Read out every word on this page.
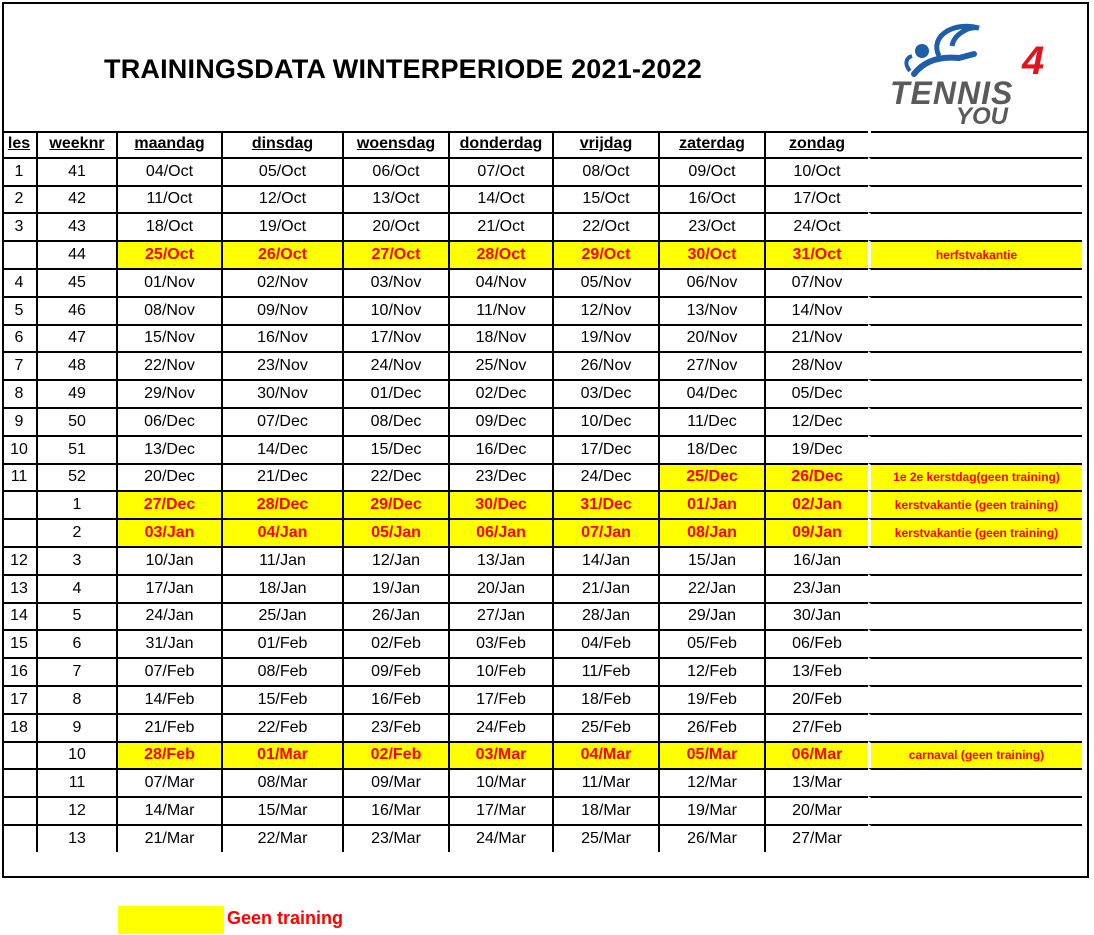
TRAININGSDATA WINTERPERIODE 2021-2022
TENNIS
4
YOU
les	weeknr	maandag	dinsdag	woensdag	donderdag	vrijdag	zaterdag	zondag	
1	41	04/Oct	05/Oct	06/Oct	07/Oct	08/Oct	09/Oct	10/Oct	
2	42	11/Oct	12/Oct	13/Oct	14/Oct	15/Oct	16/Oct	17/Oct	
3	43	18/Oct	19/Oct	20/Oct	21/Oct	22/Oct	23/Oct	24/Oct	
	44	25/Oct	26/Oct	27/Oct	28/Oct	29/Oct	30/Oct	31/Oct	herfstvakantie
4	45	01/Nov	02/Nov	03/Nov	04/Nov	05/Nov	06/Nov	07/Nov	
5	46	08/Nov	09/Nov	10/Nov	11/Nov	12/Nov	13/Nov	14/Nov	
6	47	15/Nov	16/Nov	17/Nov	18/Nov	19/Nov	20/Nov	21/Nov	
7	48	22/Nov	23/Nov	24/Nov	25/Nov	26/Nov	27/Nov	28/Nov	
8	49	29/Nov	30/Nov	01/Dec	02/Dec	03/Dec	04/Dec	05/Dec	
9	50	06/Dec	07/Dec	08/Dec	09/Dec	10/Dec	11/Dec	12/Dec	
10	51	13/Dec	14/Dec	15/Dec	16/Dec	17/Dec	18/Dec	19/Dec	
11	52	20/Dec	21/Dec	22/Dec	23/Dec	24/Dec	25/Dec	26/Dec	1e 2e kerstdag(geen training)
	1	27/Dec	28/Dec	29/Dec	30/Dec	31/Dec	01/Jan	02/Jan	kerstvakantie (geen training)
	2	03/Jan	04/Jan	05/Jan	06/Jan	07/Jan	08/Jan	09/Jan	kerstvakantie (geen training)
12	3	10/Jan	11/Jan	12/Jan	13/Jan	14/Jan	15/Jan	16/Jan	
13	4	17/Jan	18/Jan	19/Jan	20/Jan	21/Jan	22/Jan	23/Jan	
14	5	24/Jan	25/Jan	26/Jan	27/Jan	28/Jan	29/Jan	30/Jan	
15	6	31/Jan	01/Feb	02/Feb	03/Feb	04/Feb	05/Feb	06/Feb	
16	7	07/Feb	08/Feb	09/Feb	10/Feb	11/Feb	12/Feb	13/Feb	
17	8	14/Feb	15/Feb	16/Feb	17/Feb	18/Feb	19/Feb	20/Feb	
18	9	21/Feb	22/Feb	23/Feb	24/Feb	25/Feb	26/Feb	27/Feb	
	10	28/Feb	01/Mar	02/Feb	03/Mar	04/Mar	05/Mar	06/Mar	carnaval (geen training)
	11	07/Mar	08/Mar	09/Mar	10/Mar	11/Mar	12/Mar	13/Mar	
	12	14/Mar	15/Mar	16/Mar	17/Mar	18/Mar	19/Mar	20/Mar	
	13	21/Mar	22/Mar	23/Mar	24/Mar	25/Mar	26/Mar	27/Mar	
Geen training
